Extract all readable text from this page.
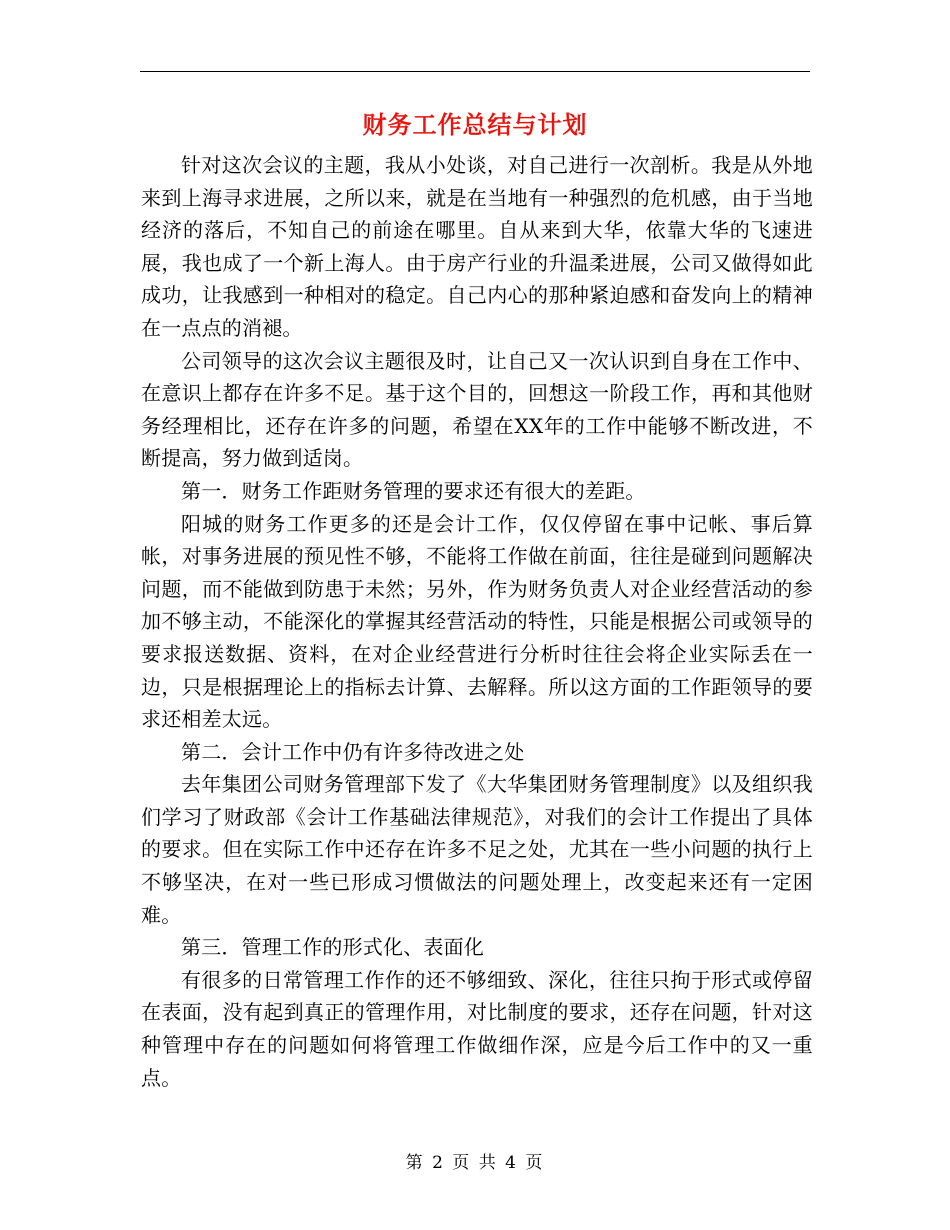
财务工作总结与计划

针对这次会议的主题，我从小处谈，对自己进行一次剖析。我是从外地来到上海寻求进展，之所以来，就是在当地有一种强烈的危机感，由于当地经济的落后，不知自己的前途在哪里。自从来到大华，依靠大华的飞速进展，我也成了一个新上海人。由于房产行业的升温柔进展，公司又做得如此成功，让我感到一种相对的稳定。自己内心的那种紧迫感和奋发向上的精神在一点点的消褪。

公司领导的这次会议主题很及时，让自己又一次认识到自身在工作中、在意识上都存在许多不足。基于这个目的，回想这一阶段工作，再和其他财务经理相比，还存在许多的问题，希望在XX年的工作中能够不断改进，不断提高，努力做到适岗。

第一．财务工作距财务管理的要求还有很大的差距。

阳城的财务工作更多的还是会计工作，仅仅停留在事中记帐、事后算帐，对事务进展的预见性不够，不能将工作做在前面，往往是碰到问题解决问题，而不能做到防患于未然；另外，作为财务负责人对企业经营活动的参加不够主动，不能深化的掌握其经营活动的特性，只能是根据公司或领导的要求报送数据、资料，在对企业经营进行分析时往往会将企业实际丢在一边，只是根据理论上的指标去计算、去解释。所以这方面的工作距领导的要求还相差太远。

第二．会计工作中仍有许多待改进之处

去年集团公司财务管理部下发了《大华集团财务管理制度》以及组织我们学习了财政部《会计工作基础法律规范》，对我们的会计工作提出了具体的要求。但在实际工作中还存在许多不足之处，尤其在一些小问题的执行上不够坚决，在对一些已形成习惯做法的问题处理上，改变起来还有一定困难。

第三．管理工作的形式化、表面化

有很多的日常管理工作作的还不够细致、深化，往往只拘于形式或停留在表面，没有起到真正的管理作用，对比制度的要求，还存在问题，针对这种管理中存在的问题如何将管理工作做细作深，应是今后工作中的又一重点。

第 2 页 共 4 页
